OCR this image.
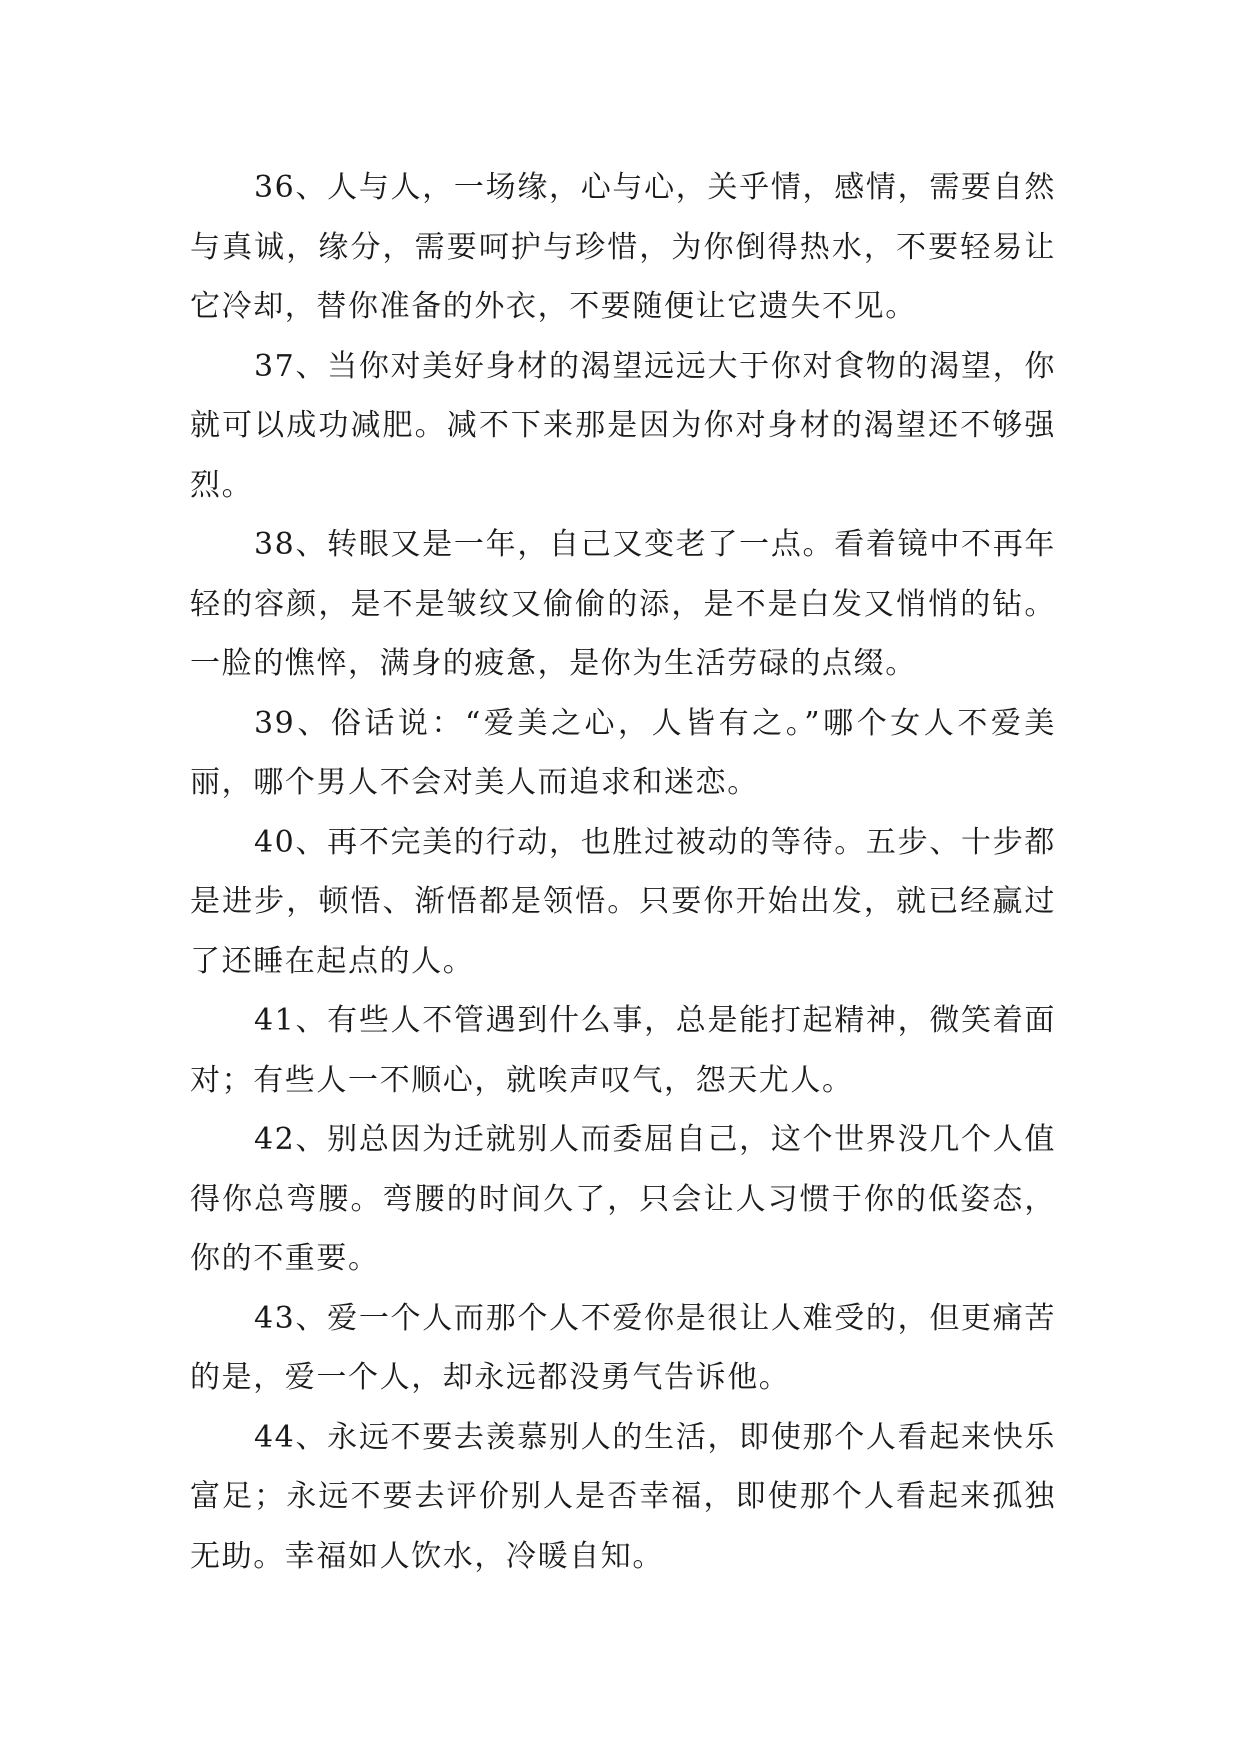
36、人与人，一场缘，心与心，关乎情，感情，需要自然与真诚，缘分，需要呵护与珍惜，为你倒得热水，不要轻易让它冷却，替你准备的外衣，不要随便让它遗失不见。

37、当你对美好身材的渴望远远大于你对食物的渴望，你就可以成功减肥。减不下来那是因为你对身材的渴望还不够强烈。

38、转眼又是一年，自己又变老了一点。看着镜中不再年轻的容颜，是不是皱纹又偷偷的添，是不是白发又悄悄的钻。一脸的憔悴，满身的疲惫，是你为生活劳碌的点缀。

39、俗话说：“爱美之心，人皆有之。”哪个女人不爱美丽，哪个男人不会对美人而追求和迷恋。

40、再不完美的行动，也胜过被动的等待。五步、十步都是进步，顿悟、渐悟都是领悟。只要你开始出发，就已经赢过了还睡在起点的人。

41、有些人不管遇到什么事，总是能打起精神，微笑着面对；有些人一不顺心，就唉声叹气，怨天尤人。

42、别总因为迁就别人而委屈自己，这个世界没几个人值得你总弯腰。弯腰的时间久了，只会让人习惯于你的低姿态，你的不重要。

43、爱一个人而那个人不爱你是很让人难受的，但更痛苦的是，爱一个人，却永远都没勇气告诉他。

44、永远不要去羡慕别人的生活，即使那个人看起来快乐富足；永远不要去评价别人是否幸福，即使那个人看起来孤独无助。幸福如人饮水，冷暖自知。
